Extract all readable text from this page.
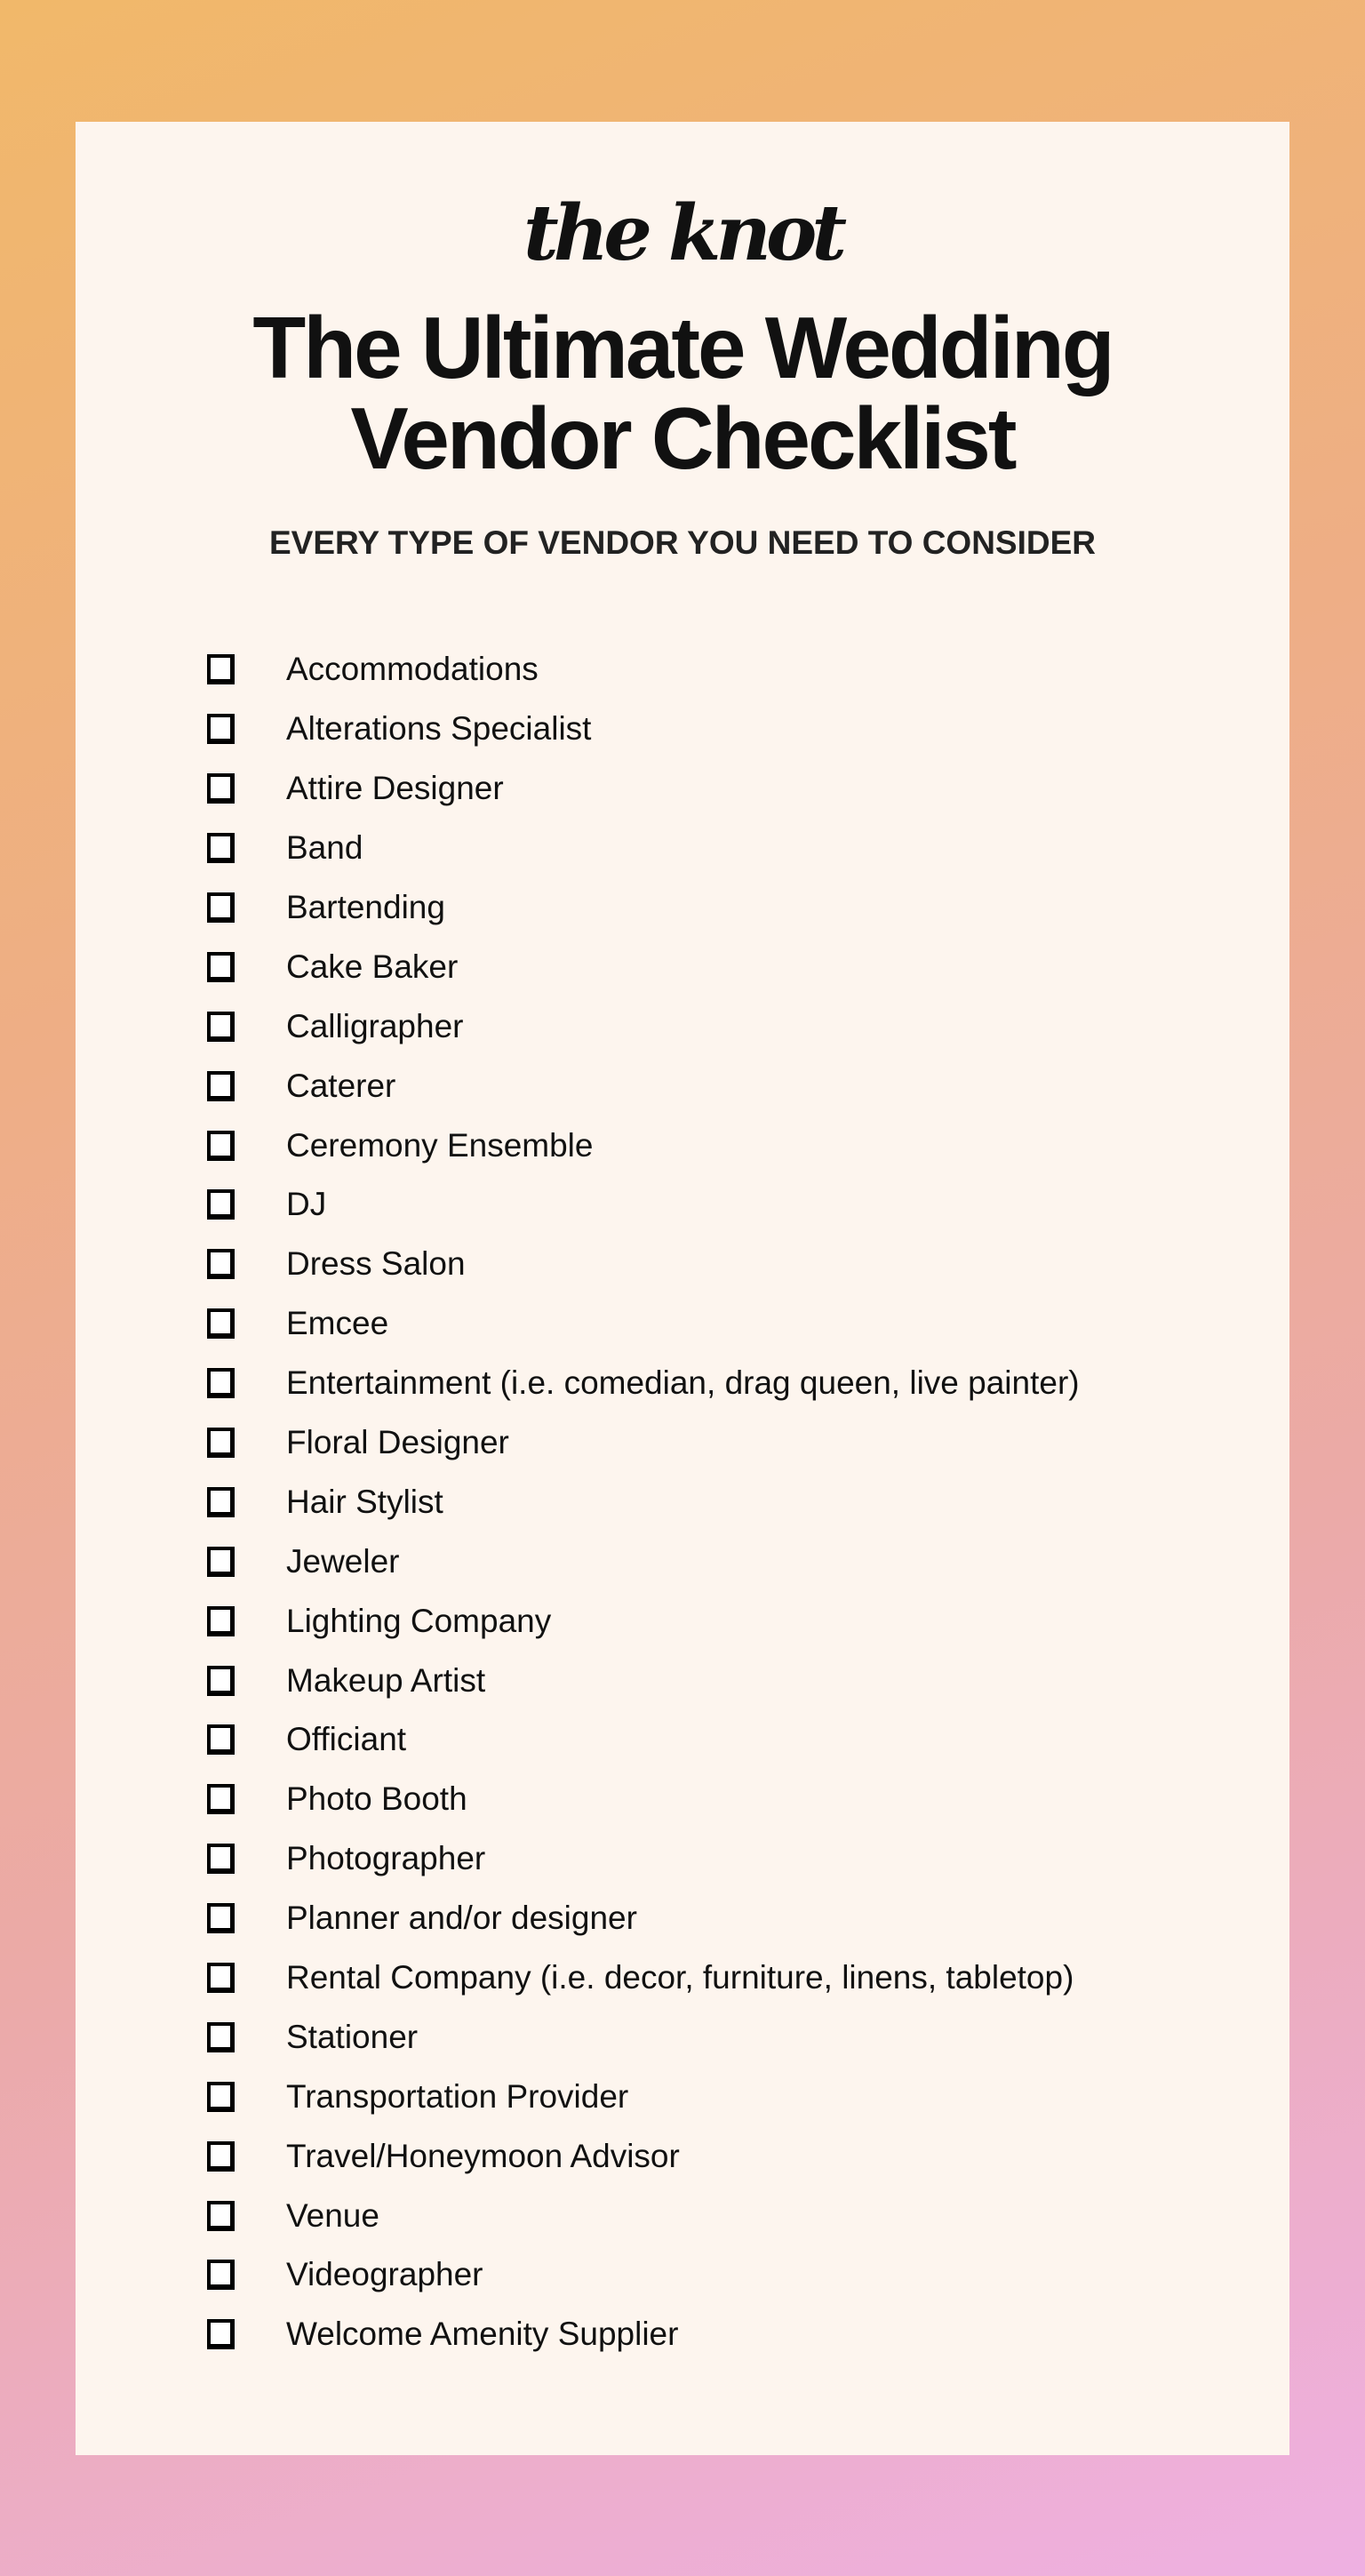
the knot
The Ultimate Wedding
Vendor Checklist
EVERY TYPE OF VENDOR YOU NEED TO CONSIDER
Accommodations
Alterations Specialist
Attire Designer
Band
Bartending
Cake Baker
Calligrapher
Caterer
Ceremony Ensemble
DJ
Dress Salon
Emcee
Entertainment (i.e. comedian, drag queen, live painter)
Floral Designer
Hair Stylist
Jeweler
Lighting Company
Makeup Artist
Officiant
Photo Booth
Photographer
Planner and/or designer
Rental Company (i.e. decor, furniture, linens, tabletop)
Stationer
Transportation Provider
Travel/Honeymoon Advisor
Venue
Videographer
Welcome Amenity Supplier
